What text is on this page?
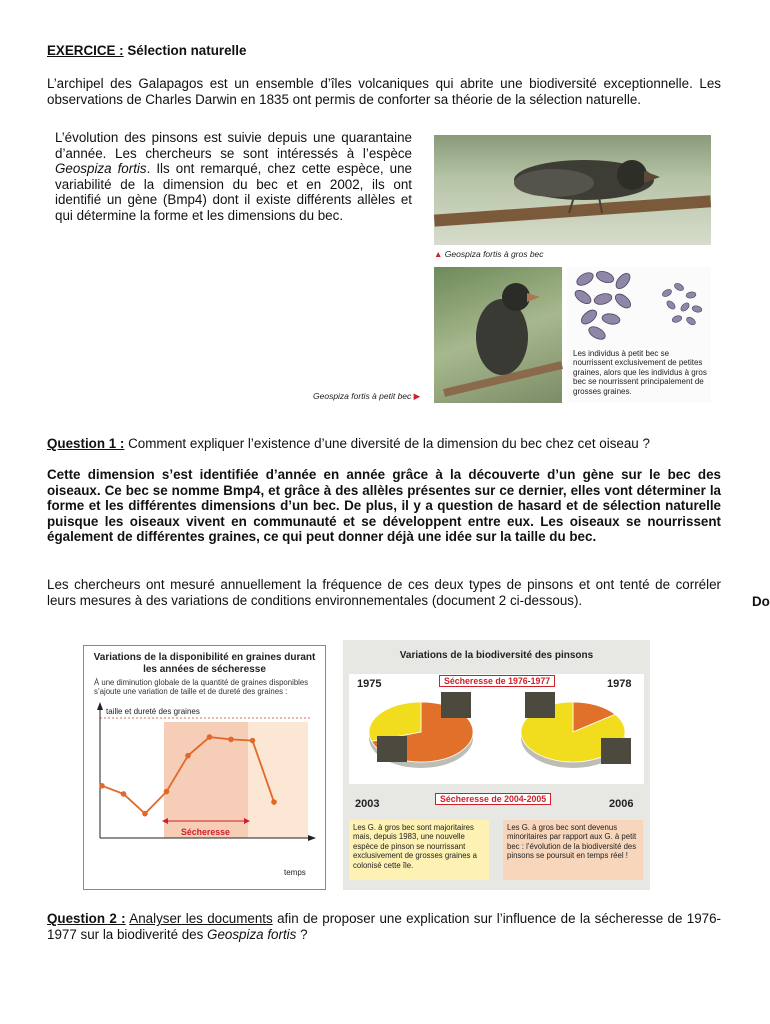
EXERCICE : Sélection naturelle
L’archipel des Galapagos est un ensemble d’îles volcaniques qui abrite une biodiversité exceptionnelle. Les observations de Charles Darwin en 1835 ont permis de conforter sa théorie de la sélection naturelle.
L’évolution des pinsons est suivie depuis une quarantaine d’année. Les chercheurs se sont intéressés à l’espèce Geospiza fortis. Ils ont remarqué, chez cette espèce, une variabilité de la dimension du bec et en 2002, ils ont identifié un gène (Bmp4) dont il existe différents allèles et qui détermine la forme et les dimensions du bec.
▲ Geospiza fortis à gros bec
Les individus à petit bec se nourrissent exclusivement de petites graines, alors que les individus à gros bec se nourrissent principalement de grosses graines.
Geospiza fortis à petit bec ▶
Question 1 : Comment expliquer l’existence d’une diversité de la dimension du bec chez cet oiseau ?
Cette dimension s’est identifiée d’année en année grâce à la découverte d’un gène sur le bec des oiseaux. Ce bec se nomme Bmp4, et grâce à des allèles présentes sur ce dernier, elles vont déterminer la forme et les différentes dimensions d’un bec. De plus, il y a question de hasard et de sélection naturelle puisque les oiseaux vivent en communauté et se développent entre eux. Les oiseaux se nourrissent également de différentes graines, ce qui peut donner déjà une idée sur la taille du bec.
Les chercheurs ont mesuré annuellement la fréquence de ces deux types de pinsons et ont tenté de corréler leurs mesures à des variations de conditions environnementales (document 2 ci-dessous).	Do
Variations de la disponibilité en graines durant les années de sécheresse
À une diminution globale de la quantité de graines disponibles s’ajoute une variation de taille et de dureté des graines :
taille et dureté des graines
temps
Sécheresse
Variations de la biodiversité des pinsons
1975	1978
Sécheresse de 1976-1977
2003	2006
Sécheresse de 2004-2005
Les G. à gros bec sont majoritaires mais, depuis 1983, une nouvelle espèce de pinson se nourrissant exclusivement de grosses graines a colonisé cette île.
Les G. à gros bec sont devenus minoritaires par rapport aux G. à petit bec : l’évolution de la biodiversité des pinsons se poursuit en temps réel !
Question 2 : Analyser les documents afin de proposer une explication sur l’influence de la sécheresse de 1976-1977 sur la biodiverité des Geospiza fortis ?
